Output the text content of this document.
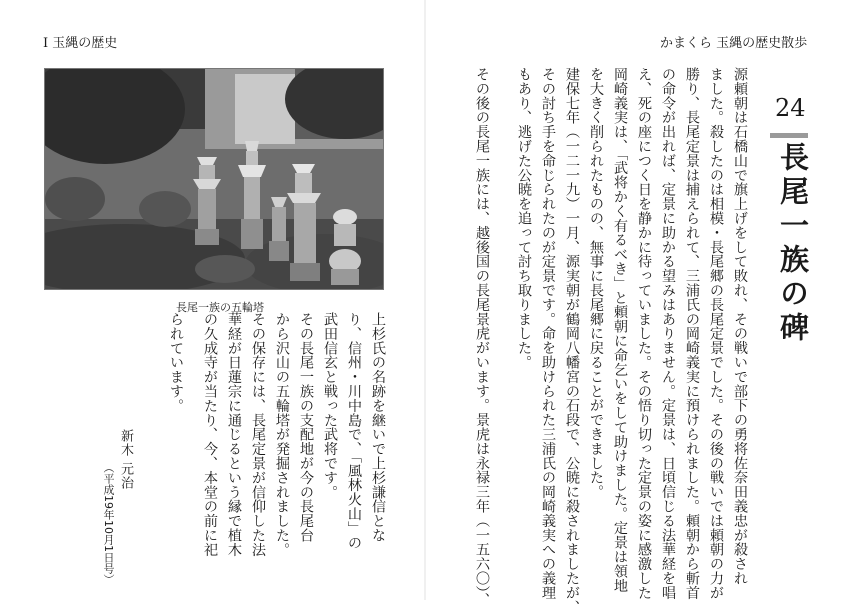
Ⅰ 玉縄の歴史	かまくら 玉縄の歴史散歩
長尾一族の五輪塔
24
長尾一族の碑
源頼朝は石橋山で旗上げをして敗れ、その戦いで部下の勇将佐奈田義忠が殺され
ました。殺したのは相模・長尾郷の長尾定景でした。その後の戦いでは頼朝の力が
勝り、長尾定景は捕えられて、三浦氏の岡崎義実に預けられました。頼朝から斬首
の命令が出れば、定景に助かる望みはありません。定景は、日頃信じる法華経を唱
え、死の座につく日を静かに待っていました。その悟り切った定景の姿に感激した
岡崎義実は、「武将かく有るべき」と頼朝に命乞いをして助けました。定景は領地
を大きく削られたものの、無事に長尾郷に戻ることができました。
建保七年（一二一九）一月、源実朝が鶴岡八幡宮の石段で、公暁に殺されましたが、
その討ち手を命じられたのが定景です。命を助けられた三浦氏の岡崎義実への義理
もあり、逃げた公暁を追って討ち取りました。
その後の長尾一族には、越後国の長尾景虎がいます。景虎は永禄三年（一五六〇）、
上杉氏の名跡を継いで上杉謙信とな
り、信州・川中島で、「風林火山」の
武田信玄と戦った武将です。
その長尾一族の支配地が今の長尾台
から沢山の五輪塔が発掘されました。
その保存には、長尾定景が信仰した法
華経が日蓮宗に通じるという縁で植木
の久成寺が当たり、今、本堂の前に祀
られています。
新木 元治
（平成19年10月1日号）
